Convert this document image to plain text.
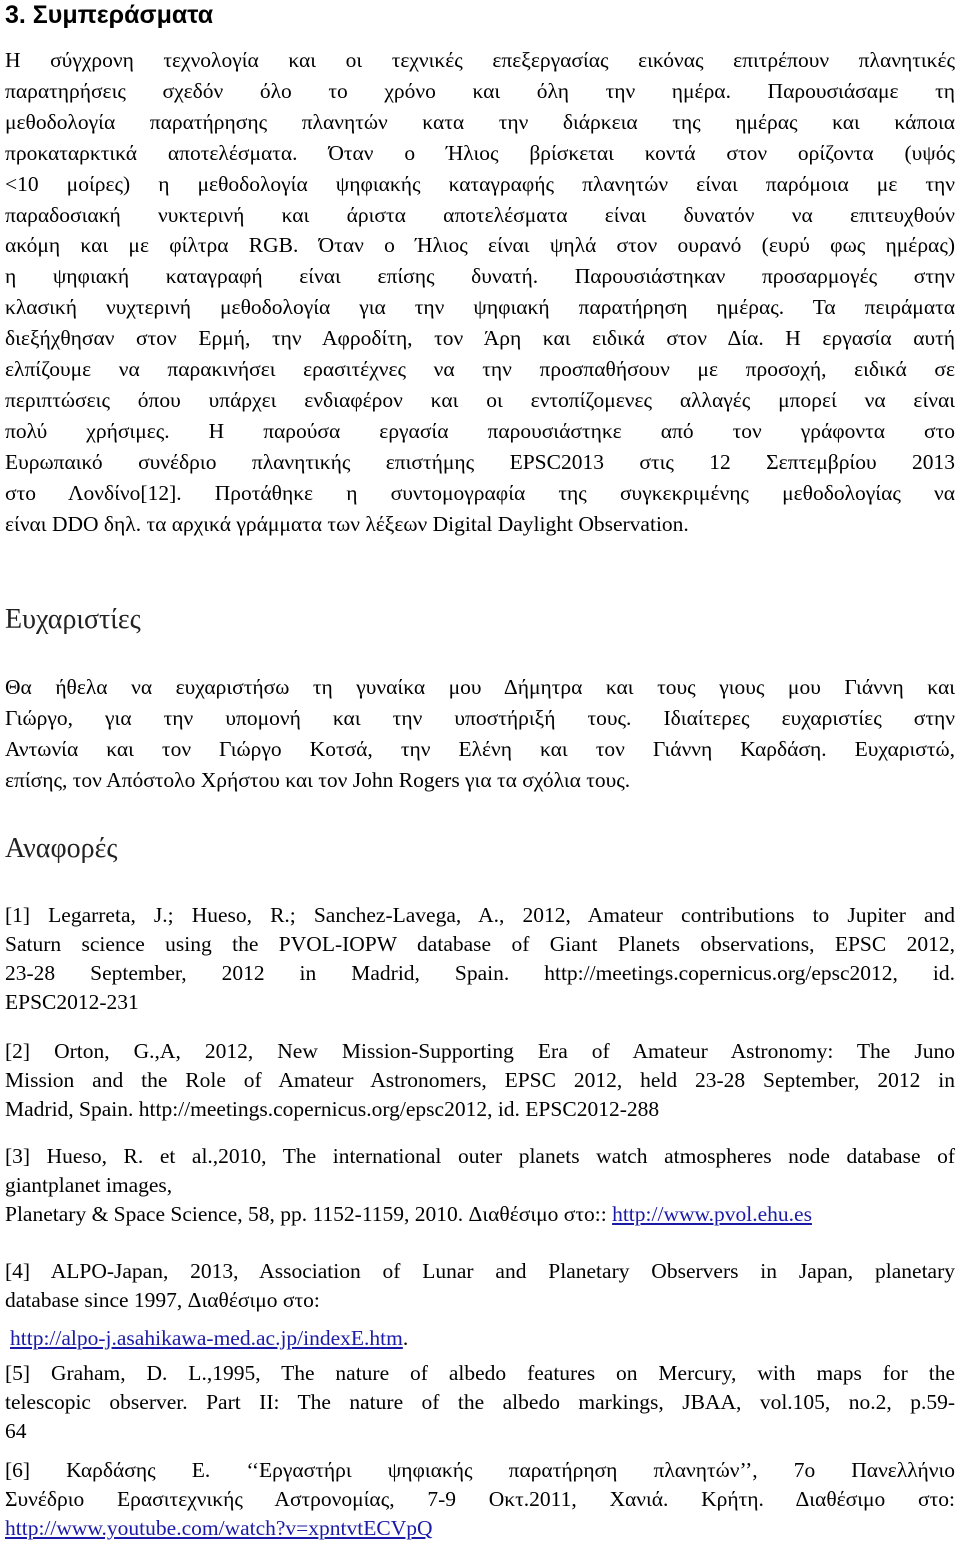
3. Συμπεράσματα
Η σύγχρονη τεχνολογία και οι τεχνικές επεξεργασίας εικόνας επιτρέπουν πλανητικές
παρατηρήσεις σχεδόν όλο το χρόνο και όλη την ημέρα. Παρουσιάσαμε τη
μεθοδολογία παρατήρησης πλανητών κατα την διάρκεια της ημέρας και κάποια
προκαταρκτικά αποτελέσματα. Όταν ο Ήλιος βρίσκεται κοντά στον ορίζοντα (υψός
<10 μοίρες) η μεθοδολογία ψηφιακής καταγραφής πλανητών είναι παρόμοια με την
παραδοσιακή νυκτερινή και άριστα αποτελέσματα είναι δυνατόν να επιτευχθούν
ακόμη και με φίλτρα RGB. Όταν ο Ήλιος είναι ψηλά στον ουρανό (ευρύ φως ημέρας)
η ψηφιακή καταγραφή είναι επίσης δυνατή. Παρουσιάστηκαν προσαρμογές στην
κλασική νυχτερινή μεθοδολογία για την ψηφιακή παρατήρηση ημέρας. Τα πειράματα
διεξήχθησαν στον Ερμή, την Αφροδίτη, τον Άρη και ειδικά στον Δία. Η εργασία αυτή
ελπίζουμε να παρακινήσει ερασιτέχνες να την προσπαθήσουν με προσοχή, ειδικά σε
περιπτώσεις όπου υπάρχει ενδιαφέρον και οι εντοπίζομενες αλλαγές μπορεί να είναι
πολύ χρήσιμες. Η παρούσα εργασία παρουσιάστηκε από τον γράφοντα στο
Ευρωπαικό συνέδριο πλανητικής επιστήμης EPSC2013 στις 12 Σεπτεμβρίου 2013
στο Λονδίνο[12]. Προτάθηκε η συντομογραφία της συγκεκριμένης μεθοδολογίας να
είναι DDO δηλ. τα αρχικά γράμματα των λέξεων Digital Daylight Observation.
Ευχαριστίες
Θα ήθελα να ευχαριστήσω τη γυναίκα μου Δήμητρα και τους γιους μου Γιάννη και
Γιώργο, για την υπομονή και την υποστήριξή τους. Ιδιαίτερες ευχαριστίες στην
Αντωνία και τον Γιώργο Κοτσά, την Ελένη και τον Γιάννη Καρδάση. Ευχαριστώ,
επίσης, τον Απόστολο Χρήστου και τον John Rogers για τα σχόλια τους.
Αναφορές
[1] Legarreta, J.; Hueso, R.; Sanchez-Lavega, A., 2012, Amateur contributions to Jupiter and
Saturn science using the PVOL-IOPW database of Giant Planets observations, EPSC 2012,
23-28 September, 2012 in Madrid, Spain. http://meetings.copernicus.org/epsc2012, id.
EPSC2012-231
[2] Orton, G.,A, 2012, New Mission-Supporting Era of Amateur Astronomy: The Juno
Mission and the Role of Amateur Astronomers, EPSC 2012, held 23-28 September, 2012 in
Madrid, Spain. http://meetings.copernicus.org/epsc2012, id. EPSC2012-288
[3] Hueso, R. et al.,2010, The international outer planets watch atmospheres node database of
giantplanet images,
Planetary & Space Science, 58, pp. 1152-1159, 2010. Διαθέσιμο στο:: http://www.pvol.ehu.es
[4] ALPO-Japan, 2013, Association of Lunar and Planetary Observers in Japan, planetary
database since 1997, Διαθέσιμο στο:
http://alpo-j.asahikawa-med.ac.jp/indexE.htm.
[5] Graham, D. L.,1995, The nature of albedo features on Mercury, with maps for the
telescopic observer. Part II: The nature of the albedo markings, JBAA, vol.105, no.2, p.59-
64
[6] Καρδάσης Ε. ‘‘Εργαστήρι ψηφιακής παρατήρηση πλανητών’’, 7ο Πανελλήνιο
Συνέδριο Ερασιτεχνικής Αστρονομίας, 7-9 Οκτ.2011, Χανιά. Κρήτη. Διαθέσιμο στο:
http://www.youtube.com/watch?v=xpntvtECVpQ
